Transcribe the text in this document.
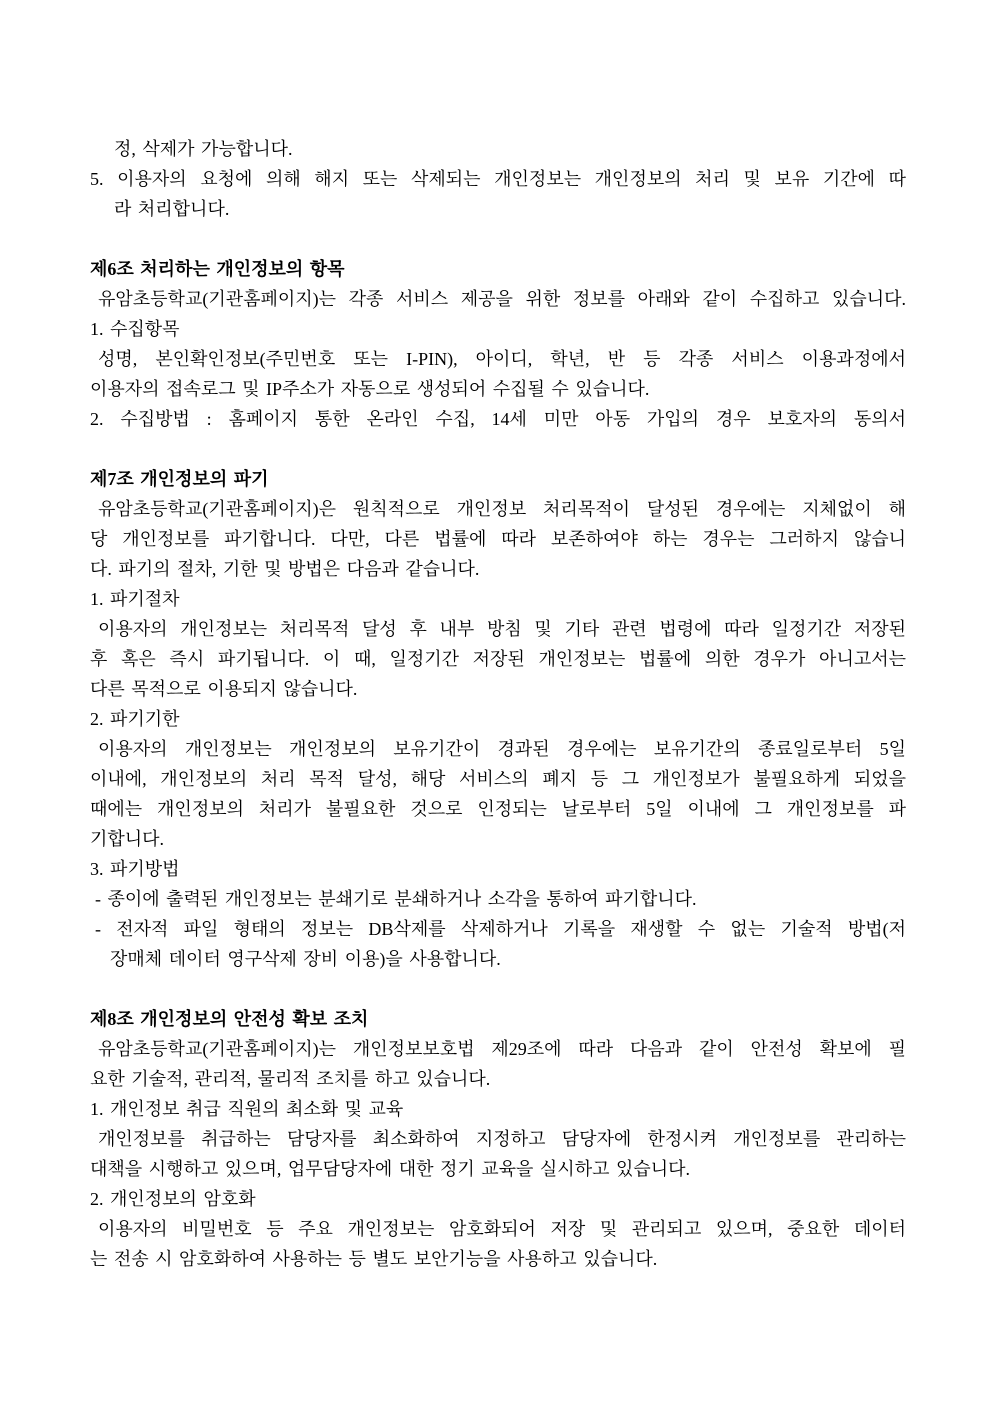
정, 삭제가 가능합니다.
5. 이용자의 요청에 의해 해지 또는 삭제되는 개인정보는 개인정보의 처리 및 보유 기간에 따
라 처리합니다.
제6조 처리하는 개인정보의 항목
유암초등학교(기관홈페이지)는 각종 서비스 제공을 위한 정보를 아래와 같이 수집하고 있습니다.
1. 수집항목
성명, 본인확인정보(주민번호 또는 I-PIN), 아이디, 학년, 반 등 각종 서비스 이용과정에서
이용자의 접속로그 및 IP주소가 자동으로 생성되어 수집될 수 있습니다.
2. 수집방법 : 홈페이지 통한 온라인 수집, 14세 미만 아동 가입의 경우 보호자의 동의서
제7조 개인정보의 파기
유암초등학교(기관홈페이지)은 원칙적으로 개인정보 처리목적이 달성된 경우에는 지체없이 해
당 개인정보를 파기합니다. 다만, 다른 법률에 따라 보존하여야 하는 경우는 그러하지 않습니
다. 파기의 절차, 기한 및 방법은 다음과 같습니다.
1. 파기절차
이용자의 개인정보는 처리목적 달성 후 내부 방침 및 기타 관련 법령에 따라 일정기간 저장된
후 혹은 즉시 파기됩니다. 이 때, 일정기간 저장된 개인정보는 법률에 의한 경우가 아니고서는
다른 목적으로 이용되지 않습니다.
2. 파기기한
이용자의 개인정보는 개인정보의 보유기간이 경과된 경우에는 보유기간의 종료일로부터 5일
이내에, 개인정보의 처리 목적 달성, 해당 서비스의 폐지 등 그 개인정보가 불필요하게 되었을
때에는 개인정보의 처리가 불필요한 것으로 인정되는 날로부터 5일 이내에 그 개인정보를 파
기합니다.
3. 파기방법
- 종이에 출력된 개인정보는 분쇄기로 분쇄하거나 소각을 통하여 파기합니다.
- 전자적 파일 형태의 정보는 DB삭제를 삭제하거나 기록을 재생할 수 없는 기술적 방법(저
장매체 데이터 영구삭제 장비 이용)을 사용합니다.
제8조 개인정보의 안전성 확보 조치
유암초등학교(기관홈페이지)는 개인정보보호법 제29조에 따라 다음과 같이 안전성 확보에 필
요한 기술적, 관리적, 물리적 조치를 하고 있습니다.
1. 개인정보 취급 직원의 최소화 및 교육
개인정보를 취급하는 담당자를 최소화하여 지정하고 담당자에 한정시켜 개인정보를 관리하는
대책을 시행하고 있으며, 업무담당자에 대한 정기 교육을 실시하고 있습니다.
2. 개인정보의 암호화
이용자의 비밀번호 등 주요 개인정보는 암호화되어 저장 및 관리되고 있으며, 중요한 데이터
는 전송 시 암호화하여 사용하는 등 별도 보안기능을 사용하고 있습니다.
